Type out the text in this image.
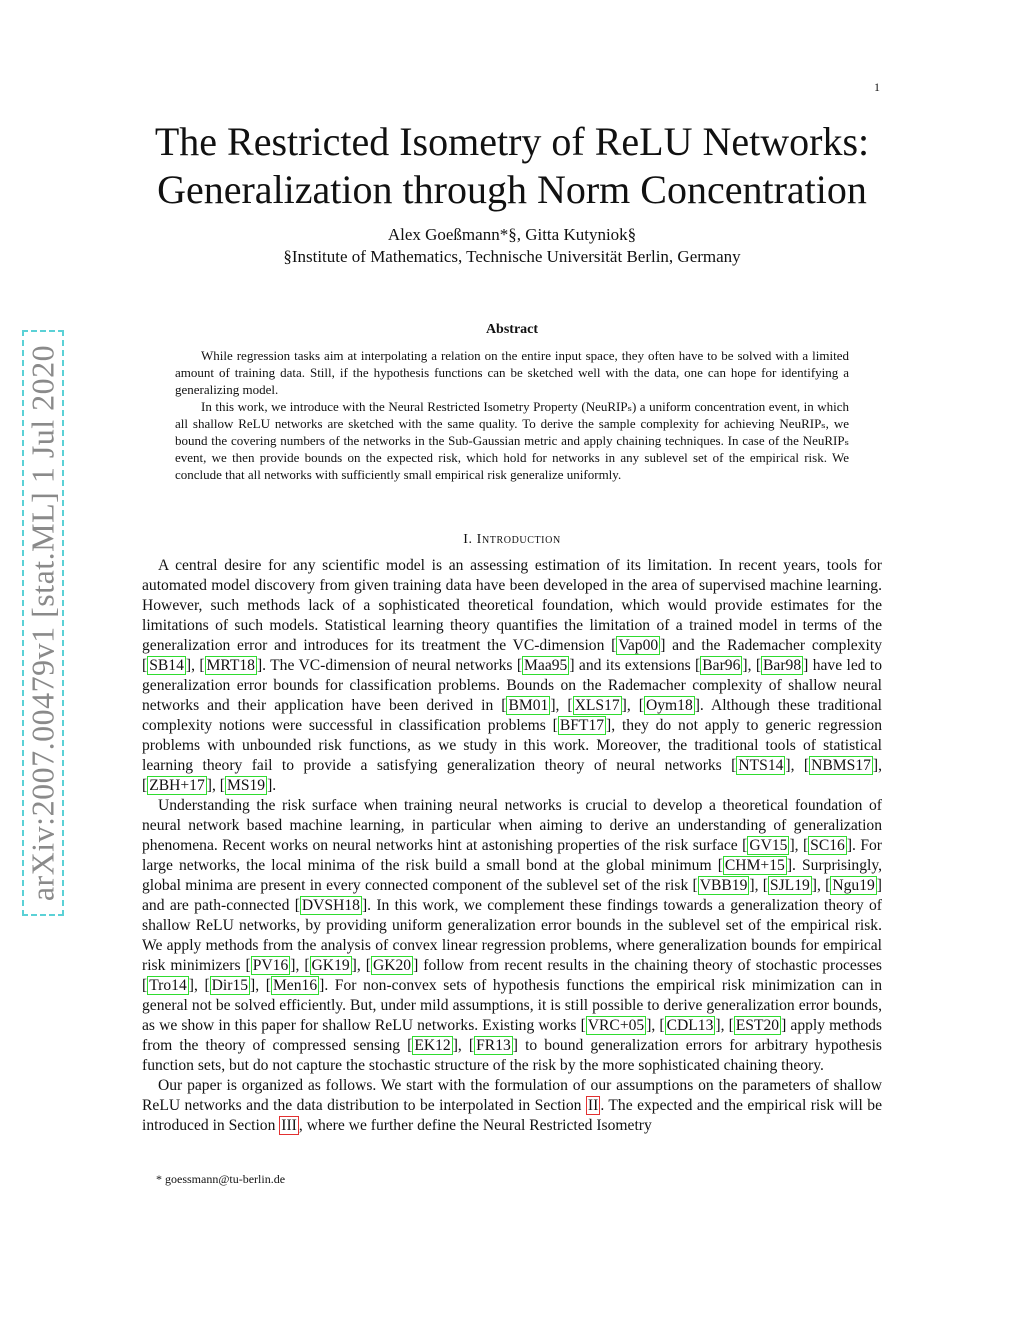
1
arXiv:2007.00479v1 [stat.ML] 1 Jul 2020
The Restricted Isometry of ReLU Networks:
Generalization through Norm Concentration
Alex Goeßmann*§, Gitta Kutyniok§
§Institute of Mathematics, Technische Universität Berlin, Germany
Abstract

While regression tasks aim at interpolating a relation on the entire input space, they often have to be solved with a limited amount of training data. Still, if the hypothesis functions can be sketched well with the data, one can hope for identifying a generalizing model.

In this work, we introduce with the Neural Restricted Isometry Property (NeuRIPₛ) a uniform concentration event, in which all shallow ReLU networks are sketched with the same quality. To derive the sample complexity for achieving NeuRIPₛ, we bound the covering numbers of the networks in the Sub-Gaussian metric and apply chaining techniques. In case of the NeuRIPₛ event, we then provide bounds on the expected risk, which hold for networks in any sublevel set of the empirical risk. We conclude that all networks with sufficiently small empirical risk generalize uniformly.

I. Introduction

A central desire for any scientific model is an assessing estimation of its limitation. In recent years, tools for automated model discovery from given training data have been developed in the area of supervised machine learning. However, such methods lack of a sophisticated theoretical foundation, which would provide estimates for the limitations of such models. Statistical learning theory quantifies the limitation of a trained model in terms of the generalization error and introduces for its treatment the VC-dimension [ Vap00 ] and the Rademacher complexity [ SB14 ], [ MRT18 ]. The VC-dimension of neural networks [ Maa95 ] and its extensions [ Bar96 ], [ Bar98 ] have led to generalization error bounds for classification problems. Bounds on the Rademacher complexity of shallow neural networks and their application have been derived in [ BM01 ], [ XLS17 ], [ Oym18 ]. Although these traditional complexity notions were successful in classification problems [ BFT17 ], they do not apply to generic regression problems with unbounded risk functions, as we study in this work. Moreover, the traditional tools of statistical learning theory fail to provide a satisfying generalization theory of neural networks [ NTS14 ], [ NBMS17 ], [ ZBH+17 ], [ MS19 ].

Understanding the risk surface when training neural networks is crucial to develop a theoretical foundation of neural network based machine learning, in particular when aiming to derive an understanding of generalization phenomena. Recent works on neural networks hint at astonishing properties of the risk surface [ GV15 ], [ SC16 ]. For large networks, the local minima of the risk build a small bond at the global minimum [ CHM+15 ]. Surprisingly, global minima are present in every connected component of the sublevel set of the risk [ VBB19 ], [ SJL19 ], [ Ngu19 ] and are path-connected [ DVSH18 ]. In this work, we complement these findings towards a generalization theory of shallow ReLU networks, by providing uniform generalization error bounds in the sublevel set of the empirical risk. We apply methods from the analysis of convex linear regression problems, where generalization bounds for empirical risk minimizers [ PV16 ], [ GK19 ], [ GK20 ] follow from recent results in the chaining theory of stochastic processes [ Tro14 ], [ Dir15 ], [ Men16 ]. For non-convex sets of hypothesis functions the empirical risk minimization can in general not be solved efficiently. But, under mild assumptions, it is still possible to derive generalization error bounds, as we show in this paper for shallow ReLU networks. Existing works [ VRC+05 ], [ CDL13 ], [ EST20 ] apply methods from the theory of compressed sensing [ EK12 ], [ FR13 ] to bound generalization errors for arbitrary hypothesis function sets, but do not capture the stochastic structure of the risk by the more sophisticated chaining theory.

Our paper is organized as follows. We start with the formulation of our assumptions on the parameters of shallow ReLU networks and the data distribution to be interpolated in Section II . The expected and the empirical risk will be introduced in Section III , where we further define the Neural Restricted Isometry

* goessmann@tu-berlin.de
